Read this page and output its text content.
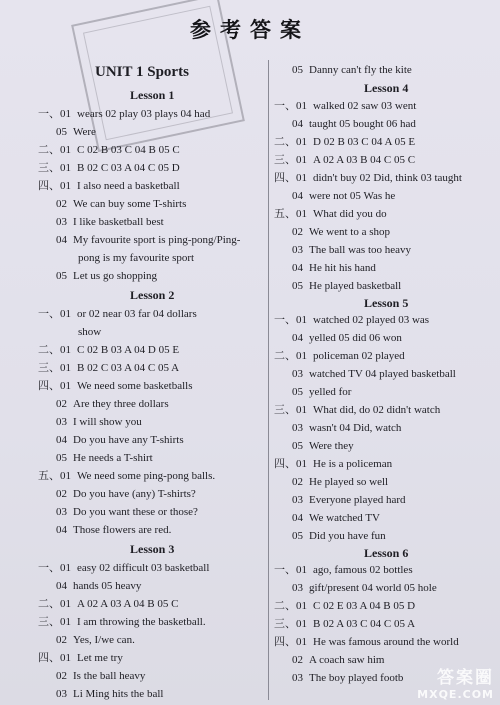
参考答案
UNIT 1 Sports
Lesson 1
一、01 wears 02 play 03 plays 04 had
05 Were
二、01 C 02 B 03 C 04 B 05 C
三、01 B 02 C 03 A 04 C 05 D
四、01 I also need a basketball
02 We can buy some T-shirts
03 I like basketball best
04 My favourite sport is ping-pong/Ping-
pong is my favourite sport
05 Let us go shopping
Lesson 2
一、01 or 02 near 03 far 04 dollars
show
二、01 C 02 B 03 A 04 D 05 E
三、01 B 02 C 03 A 04 C 05 A
四、01 We need some basketballs
02 Are they three dollars
03 I will show you
04 Do you have any T-shirts
05 He needs a T-shirt
五、01 We need some ping-pong balls.
02 Do you have (any) T-shirts?
03 Do you want these or those?
04 Those flowers are red.
Lesson 3
一、01 easy 02 difficult 03 basketball
04 hands 05 heavy
二、01 A 02 A 03 A 04 B 05 C
三、01 I am throwing the basketball.
02 Yes, I/we can.
四、01 Let me try
02 Is the ball heavy
03 Li Ming hits the ball
05 Danny can't fly the kite
Lesson 4
一、01 walked 02 saw 03 went
04 taught 05 bought 06 had
二、01 D 02 B 03 C 04 A 05 E
三、01 A 02 A 03 B 04 C 05 C
四、01 didn't buy 02 Did, think 03 taught
04 were not 05 Was he
五、01 What did you do
02 We went to a shop
03 The ball was too heavy
04 He hit his hand
05 He played basketball
Lesson 5
一、01 watched 02 played 03 was
04 yelled 05 did 06 won
二、01 policeman 02 played
03 watched TV 04 played basketball
05 yelled for
三、01 What did, do 02 didn't watch
03 wasn't 04 Did, watch
05 Were they
四、01 He is a policeman
02 He played so well
03 Everyone played hard
04 We watched TV
05 Did you have fun
Lesson 6
一、01 ago, famous 02 bottles
03 gift/present 04 world 05 hole
二、01 C 02 E 03 A 04 B 05 D
三、01 B 02 A 03 C 04 C 05 A
四、01 He was famous around the world
02 A coach saw him
03 The boy played footb	答案圈
MXQE.COM
